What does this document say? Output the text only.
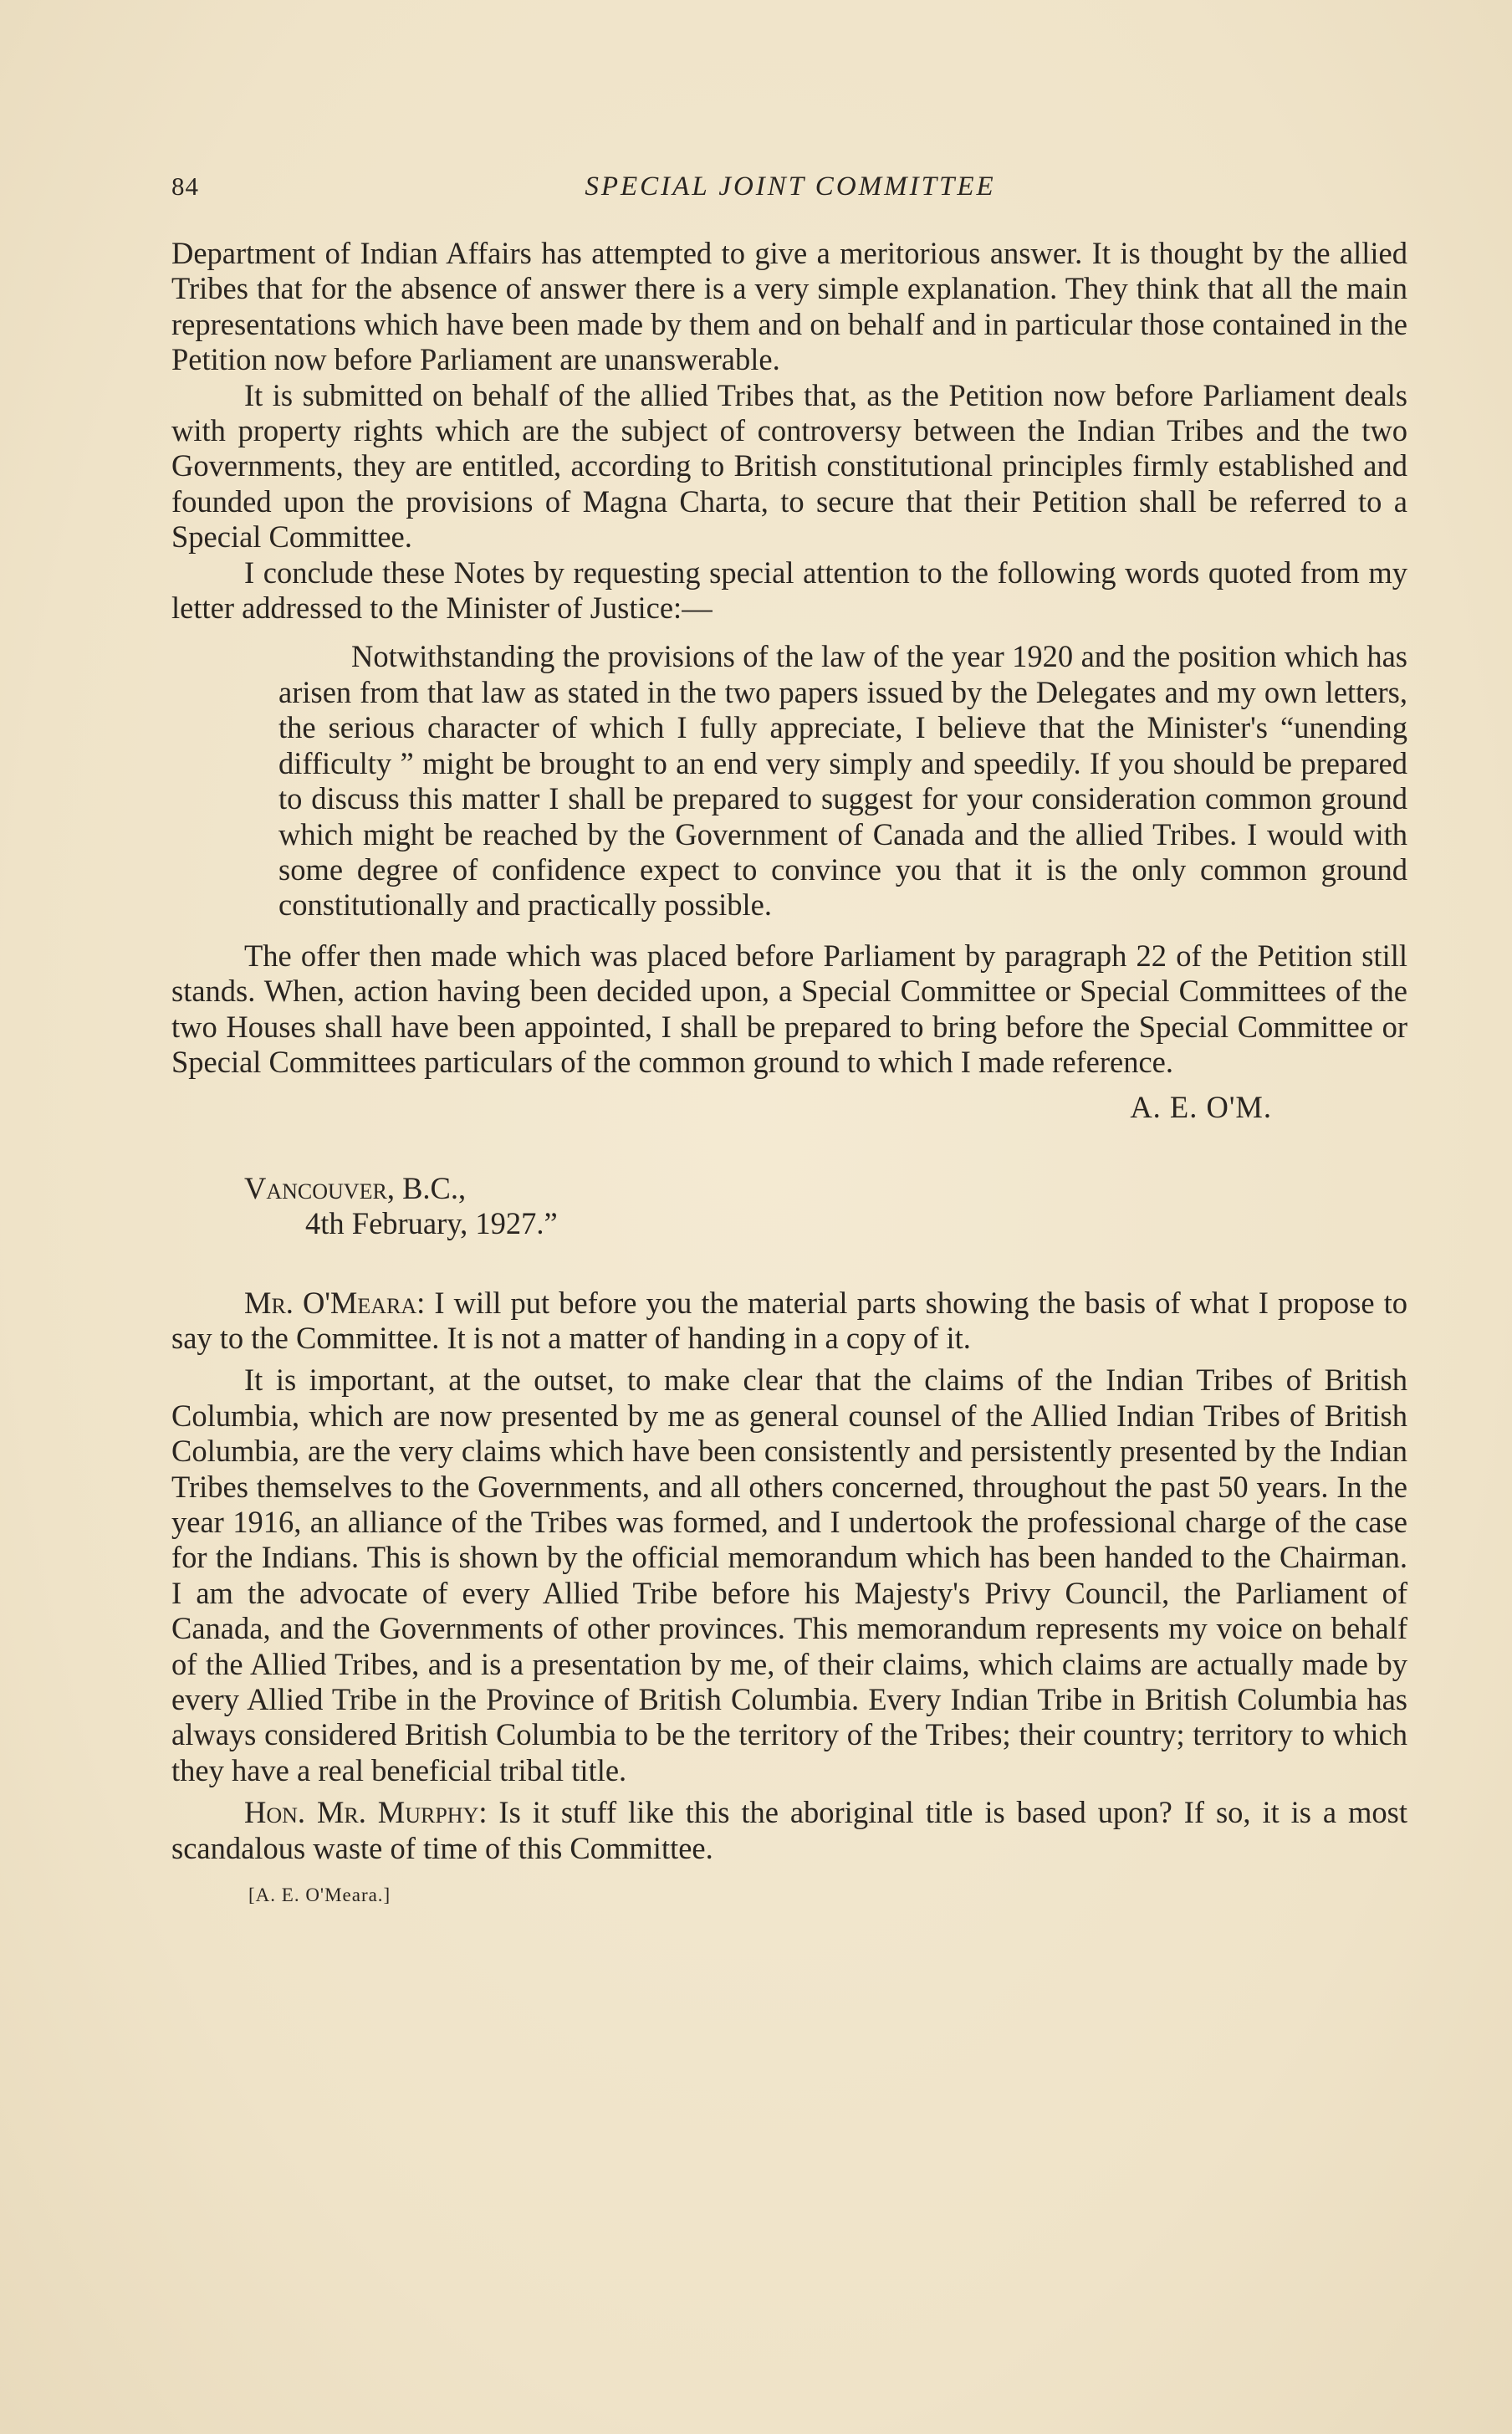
84	SPECIAL JOINT COMMITTEE

Department of Indian Affairs has attempted to give a meritorious answer. It is thought by the allied Tribes that for the absence of answer there is a very simple explanation. They think that all the main representations which have been made by them and on behalf and in particular those contained in the Petition now before Parliament are unanswerable.

It is submitted on behalf of the allied Tribes that, as the Petition now before Parliament deals with property rights which are the subject of controversy between the Indian Tribes and the two Governments, they are entitled, according to British constitutional principles firmly established and founded upon the provisions of Magna Charta, to secure that their Petition shall be referred to a Special Committee.

I conclude these Notes by requesting special attention to the following words quoted from my letter addressed to the Minister of Justice:—

Notwithstanding the provisions of the law of the year 1920 and the position which has arisen from that law as stated in the two papers issued by the Delegates and my own letters, the serious character of which I fully appreciate, I believe that the Minister's “unending difficulty ” might be brought to an end very simply and speedily. If you should be prepared to discuss this matter I shall be prepared to suggest for your consideration common ground which might be reached by the Government of Canada and the allied Tribes. I would with some degree of confidence expect to convince you that it is the only common ground constitutionally and practically possible.

The offer then made which was placed before Parliament by paragraph 22 of the Petition still stands. When, action having been decided upon, a Special Committee or Special Committees of the two Houses shall have been appointed, I shall be prepared to bring before the Special Committee or Special Committees particulars of the common ground to which I made reference.

A. E. O'M.

Vancouver, B.C.,

4th February, 1927.”

Mr. O'Meara: I will put before you the material parts showing the basis of what I propose to say to the Committee. It is not a matter of handing in a copy of it.

It is important, at the outset, to make clear that the claims of the Indian Tribes of British Columbia, which are now presented by me as general counsel of the Allied Indian Tribes of British Columbia, are the very claims which have been consistently and persistently presented by the Indian Tribes themselves to the Governments, and all others concerned, throughout the past 50 years. In the year 1916, an alliance of the Tribes was formed, and I undertook the professional charge of the case for the Indians. This is shown by the official memorandum which has been handed to the Chairman. I am the advocate of every Allied Tribe before his Majesty's Privy Council, the Parliament of Canada, and the Governments of other provinces. This memorandum represents my voice on behalf of the Allied Tribes, and is a presentation by me, of their claims, which claims are actually made by every Allied Tribe in the Province of British Columbia. Every Indian Tribe in British Columbia has always considered British Columbia to be the territory of the Tribes; their country; territory to which they have a real beneficial tribal title.

Hon. Mr. Murphy: Is it stuff like this the aboriginal title is based upon? If so, it is a most scandalous waste of time of this Committee.

[A. E. O'Meara.]
